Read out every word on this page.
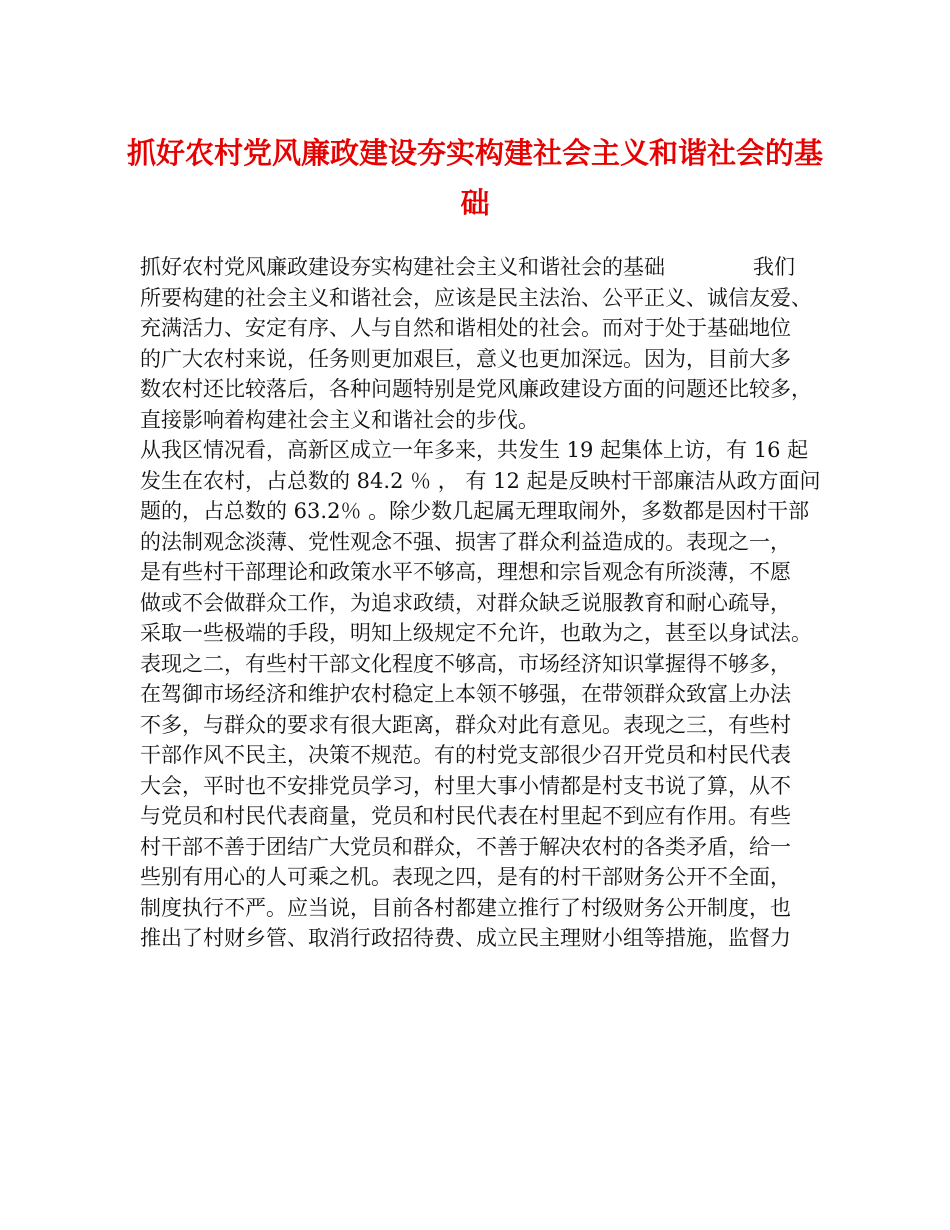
抓好农村党风廉政建设夯实构建社会主义和谐社会的基础
抓好农村党风廉政建设夯实构建社会主义和谐社会的基础	我们
所要构建的社会主义和谐社会，应该是民主法治、公平正义、诚信友爱、
充满活力、安定有序、人与自然和谐相处的社会。而对于处于基础地位
的广大农村来说，任务则更加艰巨，意义也更加深远。因为，目前大多
数农村还比较落后，各种问题特别是党风廉政建设方面的问题还比较多，
直接影响着构建社会主义和谐社会的步伐。
从我区情况看，高新区成立一年多来，共发生 19 起集体上访，有 16 起
发生在农村，占总数的 84.2 ％ ， 有 12 起是反映村干部廉洁从政方面问
题的，占总数的 63.2％ 。除少数几起属无理取闹外，多数都是因村干部
的法制观念淡薄、党性观念不强、损害了群众利益造成的。表现之一，
是有些村干部理论和政策水平不够高，理想和宗旨观念有所淡薄，不愿
做或不会做群众工作，为追求政绩，对群众缺乏说服教育和耐心疏导，
采取一些极端的手段，明知上级规定不允许，也敢为之，甚至以身试法。
表现之二，有些村干部文化程度不够高，市场经济知识掌握得不够多，
在驾御市场经济和维护农村稳定上本领不够强，在带领群众致富上办法
不多，与群众的要求有很大距离，群众对此有意见。表现之三，有些村
干部作风不民主，决策不规范。有的村党支部很少召开党员和村民代表
大会，平时也不安排党员学习，村里大事小情都是村支书说了算，从不
与党员和村民代表商量，党员和村民代表在村里起不到应有作用。有些
村干部不善于团结广大党员和群众，不善于解决农村的各类矛盾，给一
些别有用心的人可乘之机。表现之四，是有的村干部财务公开不全面，
制度执行不严。应当说，目前各村都建立推行了村级财务公开制度，也
推出了村财乡管、取消行政招待费、成立民主理财小组等措施，监督力
